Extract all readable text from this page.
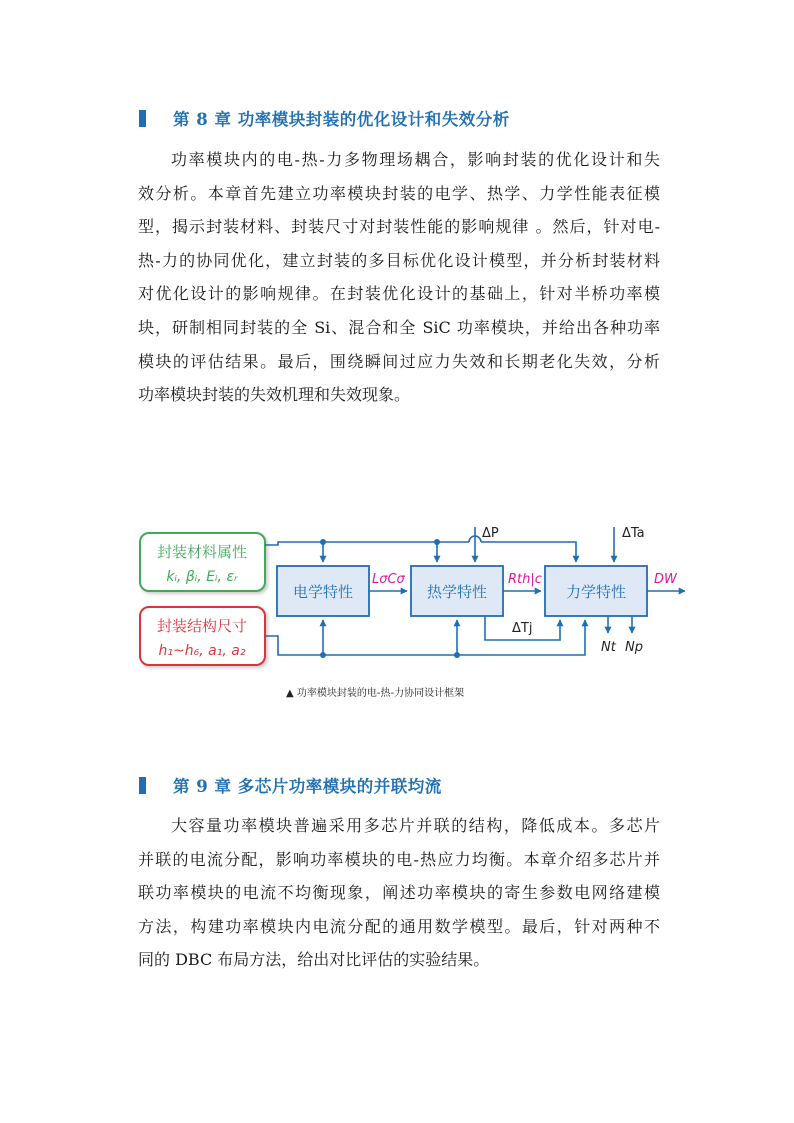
第 8 章 功率模块封装的优化设计和失效分析
功率模块内的电-热-力多物理场耦合，影响封装的优化设计和失
效分析。本章首先建立功率模块封装的电学、热学、力学性能表征模
型，揭示封装材料、封装尺寸对封装性能的影响规律 。然后，针对电-
热-力的协同优化，建立封装的多目标优化设计模型，并分析封装材料
对优化设计的影响规律。在封装优化设计的基础上，针对半桥功率模
块，研制相同封装的全 Si、混合和全 SiC 功率模块，并给出各种功率
模块的评估结果。最后，围绕瞬间过应力失效和长期老化失效，分析
功率模块封装的失效机理和失效现象。
封装材料属性
kᵢ, βᵢ, Eᵢ, εᵣ
封装结构尺寸
h₁~h₆, a₁, a₂
电学特性	热学特性	力学特性
LσCσ	Rth|c	DW
ΔP	ΔTa
ΔTj
Nt Np
▲ 功率模块封装的电-热-力协同设计框架
第 9 章 多芯片功率模块的并联均流
大容量功率模块普遍采用多芯片并联的结构，降低成本。多芯片
并联的电流分配，影响功率模块的电-热应力均衡。本章介绍多芯片并
联功率模块的电流不均衡现象，阐述功率模块的寄生参数电网络建模
方法，构建功率模块内电流分配的通用数学模型。最后，针对两种不
同的 DBC 布局方法，给出对比评估的实验结果。
